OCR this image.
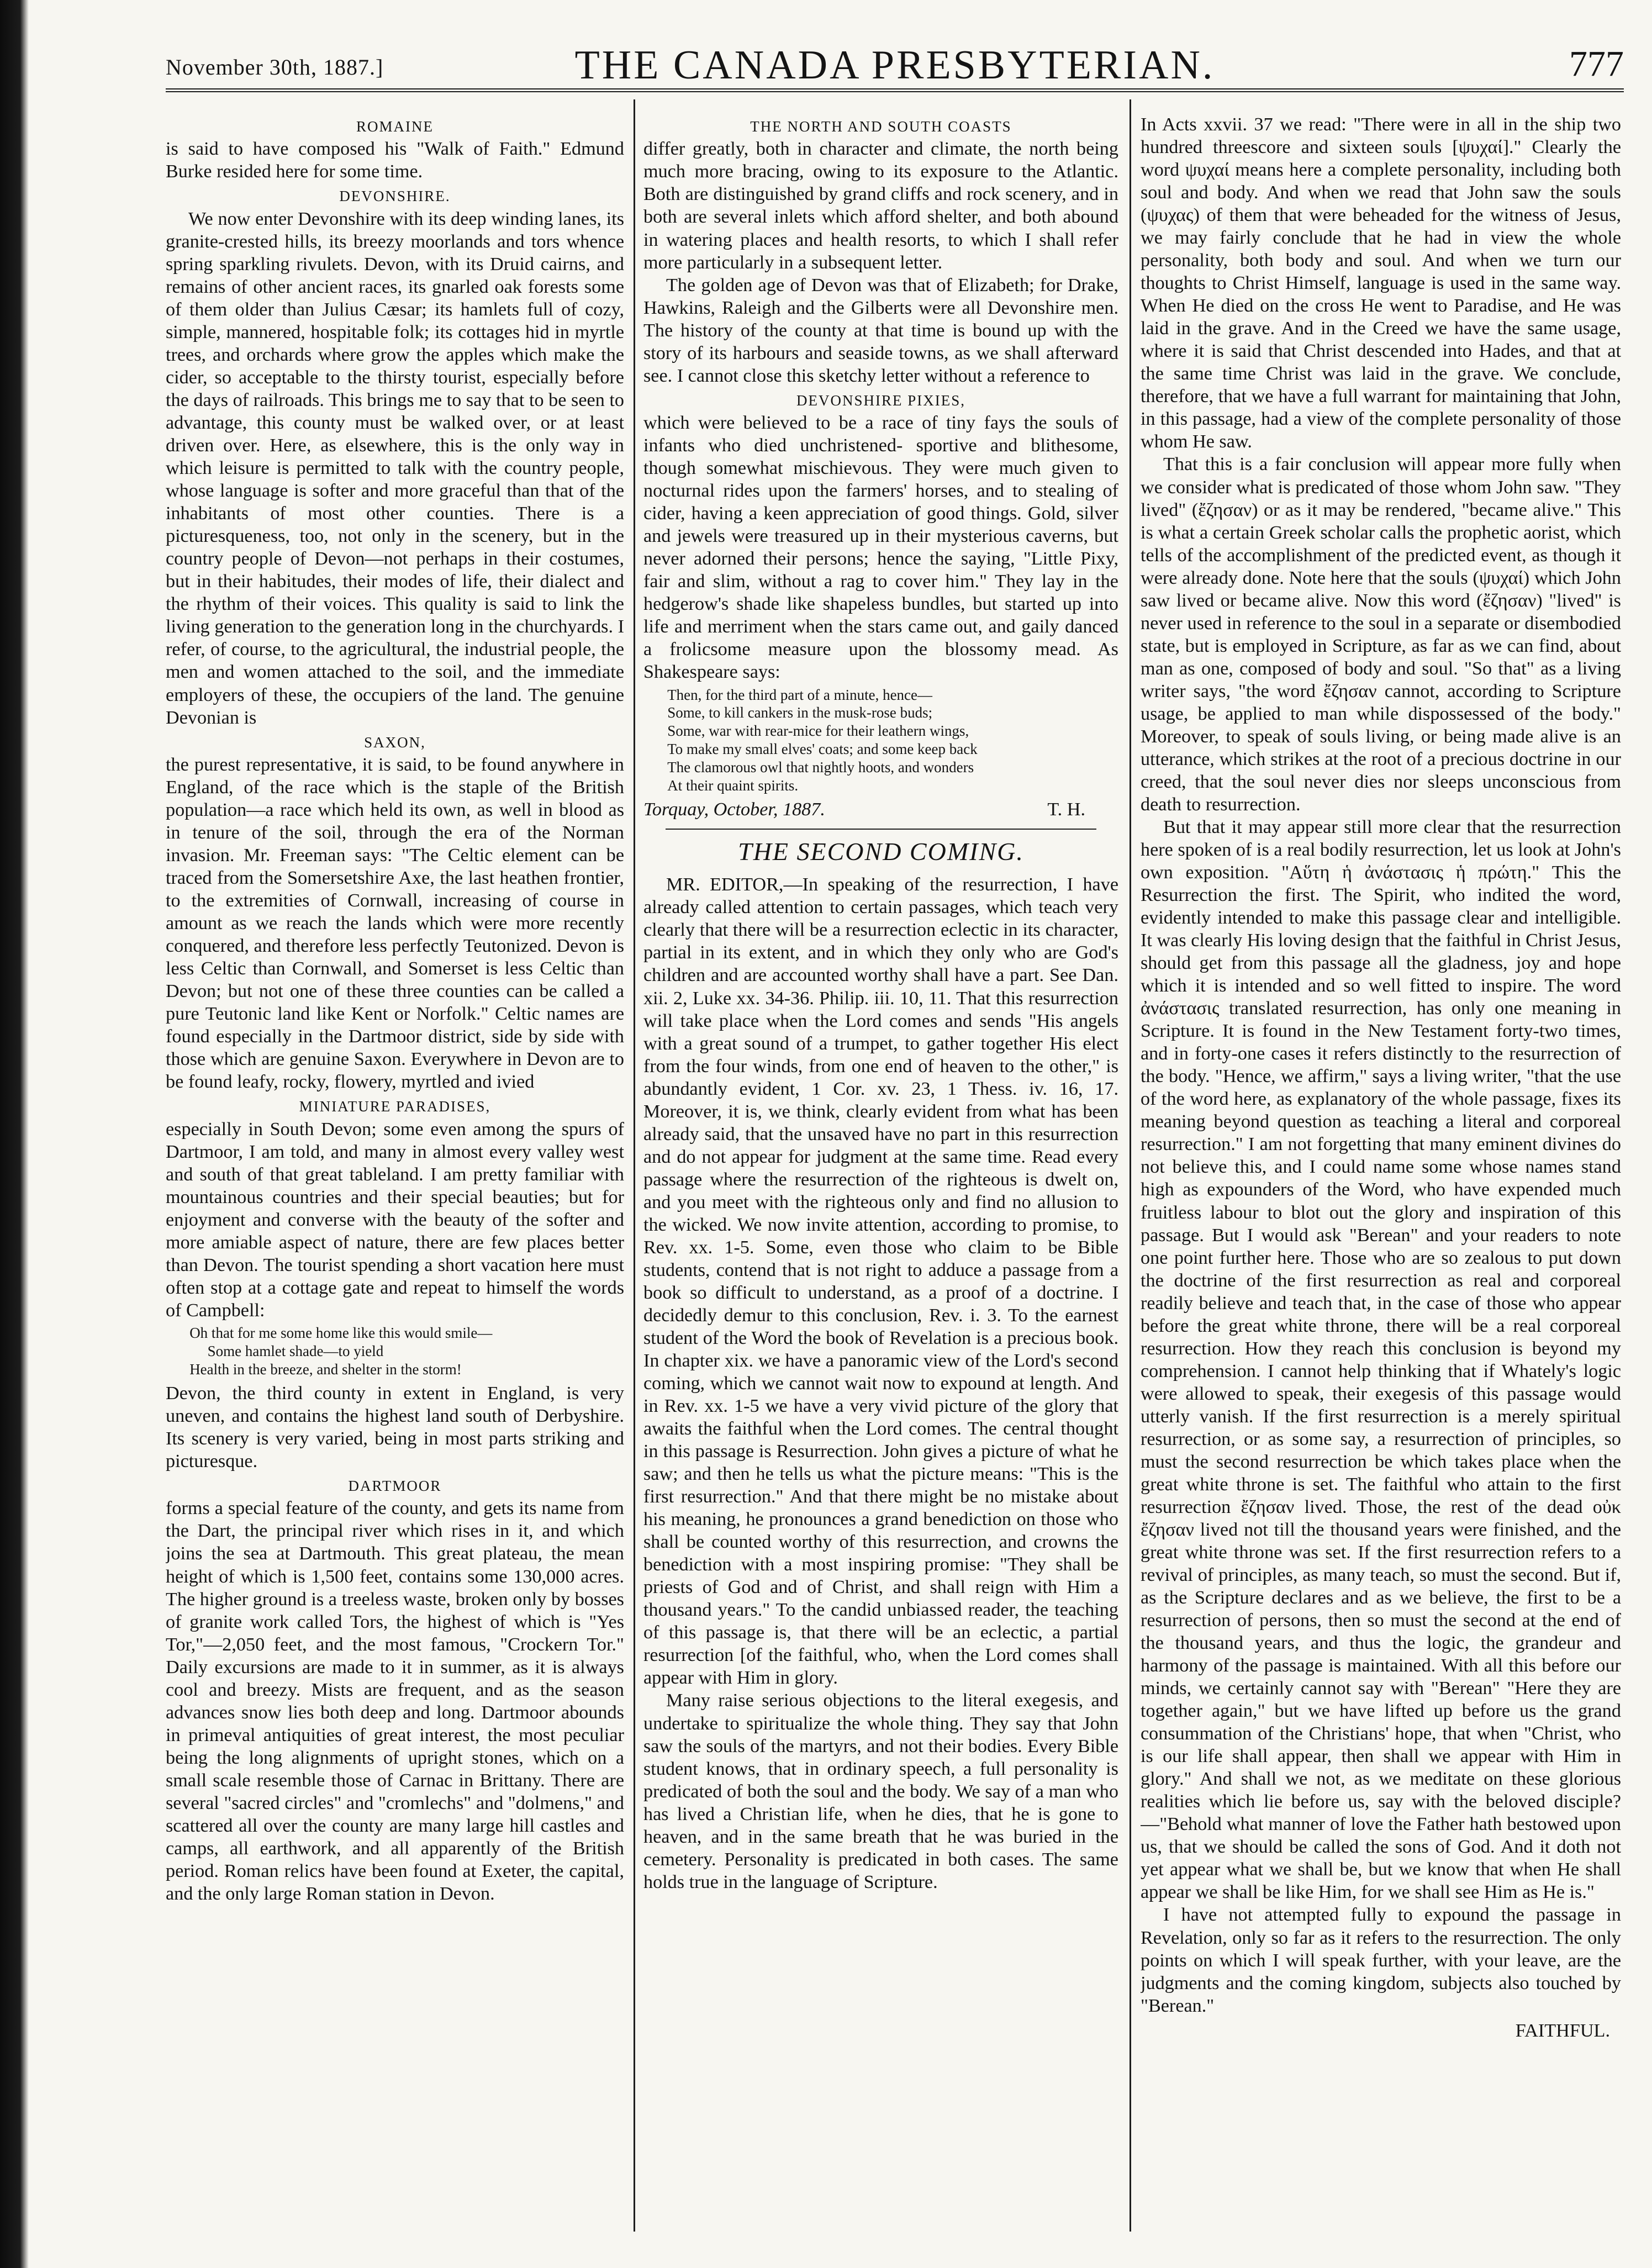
November 30th, 1887.]	THE CANADA PRESBYTERIAN.	777
ROMAINE

is said to have composed his "Walk of Faith." Edmund Burke resided here for some time.

DEVONSHIRE.

We now enter Devonshire with its deep winding lanes, its granite-crested hills, its breezy moorlands and tors whence spring sparkling rivulets. Devon, with its Druid cairns, and remains of other ancient races, its gnarled oak forests some of them older than Julius Cæsar; its hamlets full of cozy, simple, mannered, hospitable folk; its cottages hid in myrtle trees, and orchards where grow the apples which make the cider, so acceptable to the thirsty tourist, especially before the days of railroads. This brings me to say that to be seen to advantage, this county must be walked over, or at least driven over. Here, as elsewhere, this is the only way in which leisure is permitted to talk with the country people, whose language is softer and more graceful than that of the inhabitants of most other counties. There is a picturesqueness, too, not only in the scenery, but in the country people of Devon—not perhaps in their costumes, but in their habitudes, their modes of life, their dialect and the rhythm of their voices. This quality is said to link the living generation to the generation long in the churchyards. I refer, of course, to the agricultural, the industrial people, the men and women attached to the soil, and the immediate employers of these, the occupiers of the land. The genuine Devonian is

SAXON,

the purest representative, it is said, to be found anywhere in England, of the race which is the staple of the British population—a race which held its own, as well in blood as in tenure of the soil, through the era of the Norman invasion. Mr. Freeman says: "The Celtic element can be traced from the Somersetshire Axe, the last heathen frontier, to the extremities of Cornwall, increasing of course in amount as we reach the lands which were more recently conquered, and therefore less perfectly Teutonized. Devon is less Celtic than Cornwall, and Somerset is less Celtic than Devon; but not one of these three counties can be called a pure Teutonic land like Kent or Norfolk." Celtic names are found especially in the Dartmoor district, side by side with those which are genuine Saxon. Everywhere in Devon are to be found leafy, rocky, flowery, myrtled and ivied

MINIATURE PARADISES,

especially in South Devon; some even among the spurs of Dartmoor, I am told, and many in almost every valley west and south of that great tableland. I am pretty familiar with mountainous countries and their special beauties; but for enjoyment and converse with the beauty of the softer and more amiable aspect of nature, there are few places better than Devon. The tourist spending a short vacation here must often stop at a cottage gate and repeat to himself the words of Campbell:

Oh that for me some home like this would smile—
Some hamlet shade—to yield
Health in the breeze, and shelter in the storm!

Devon, the third county in extent in England, is very uneven, and contains the highest land south of Derbyshire. Its scenery is very varied, being in most parts striking and picturesque.

DARTMOOR

forms a special feature of the county, and gets its name from the Dart, the principal river which rises in it, and which joins the sea at Dartmouth. This great plateau, the mean height of which is 1,500 feet, contains some 130,000 acres. The higher ground is a treeless waste, broken only by bosses of granite work called Tors, the highest of which is "Yes Tor,"—2,050 feet, and the most famous, "Crockern Tor." Daily excursions are made to it in summer, as it is always cool and breezy. Mists are frequent, and as the season advances snow lies both deep and long. Dartmoor abounds in primeval antiquities of great interest, the most peculiar being the long alignments of upright stones, which on a small scale resemble those of Carnac in Brittany. There are several "sacred circles" and "cromlechs" and "dolmens," and scattered all over the county are many large hill castles and camps, all earthwork, and all apparently of the British period. Roman relics have been found at Exeter, the capital, and the only large Roman station in Devon.

THE NORTH AND SOUTH COASTS

differ greatly, both in character and climate, the north being much more bracing, owing to its exposure to the Atlantic. Both are distinguished by grand cliffs and rock scenery, and in both are several inlets which afford shelter, and both abound in watering places and health resorts, to which I shall refer more particularly in a subsequent letter.

The golden age of Devon was that of Elizabeth; for Drake, Hawkins, Raleigh and the Gilberts were all Devonshire men. The history of the county at that time is bound up with the story of its harbours and seaside towns, as we shall afterward see. I cannot close this sketchy letter without a reference to

DEVONSHIRE PIXIES,

which were believed to be a race of tiny fays the souls of infants who died unchristened- sportive and blithesome, though somewhat mischievous. They were much given to nocturnal rides upon the farmers' horses, and to stealing of cider, having a keen appreciation of good things. Gold, silver and jewels were treasured up in their mysterious caverns, but never adorned their persons; hence the saying, "Little Pixy, fair and slim, without a rag to cover him." They lay in the hedgerow's shade like shapeless bundles, but started up into life and merriment when the stars came out, and gaily danced a frolicsome measure upon the blossomy mead. As Shakespeare says:

Then, for the third part of a minute, hence—
Some, to kill cankers in the musk-rose buds;
Some, war with rear-mice for their leathern wings,
To make my small elves' coats; and some keep back
The clamorous owl that nightly hoots, and wonders
At their quaint spirits.
Torquay, October, 1887.	T. H.
THE SECOND COMING.

MR. EDITOR,—In speaking of the resurrection, I have already called attention to certain passages, which teach very clearly that there will be a resurrection eclectic in its character, partial in its extent, and in which they only who are God's children and are accounted worthy shall have a part. See Dan. xii. 2, Luke xx. 34-36. Philip. iii. 10, 11. That this resurrection will take place when the Lord comes and sends "His angels with a great sound of a trumpet, to gather together His elect from the four winds, from one end of heaven to the other," is abundantly evident, 1 Cor. xv. 23, 1 Thess. iv. 16, 17. Moreover, it is, we think, clearly evident from what has been already said, that the unsaved have no part in this resurrection and do not appear for judgment at the same time. Read every passage where the resurrection of the righteous is dwelt on, and you meet with the righteous only and find no allusion to the wicked. We now invite attention, according to promise, to Rev. xx. 1-5. Some, even those who claim to be Bible students, contend that is not right to adduce a passage from a book so difficult to understand, as a proof of a doctrine. I decidedly demur to this conclusion, Rev. i. 3. To the earnest student of the Word the book of Revelation is a precious book. In chapter xix. we have a panoramic view of the Lord's second coming, which we cannot wait now to expound at length. And in Rev. xx. 1-5 we have a very vivid picture of the glory that awaits the faithful when the Lord comes. The central thought in this passage is Resurrection. John gives a picture of what he saw; and then he tells us what the picture means: "This is the first resurrection." And that there might be no mistake about his meaning, he pronounces a grand benediction on those who shall be counted worthy of this resurrection, and crowns the benediction with a most inspiring promise: "They shall be priests of God and of Christ, and shall reign with Him a thousand years." To the candid unbiassed reader, the teaching of this passage is, that there will be an eclectic, a partial resurrection [of the faithful, who, when the Lord comes shall appear with Him in glory.

Many raise serious objections to the literal exegesis, and undertake to spiritualize the whole thing. They say that John saw the souls of the martyrs, and not their bodies. Every Bible student knows, that in ordinary speech, a full personality is predicated of both the soul and the body. We say of a man who has lived a Christian life, when he dies, that he is gone to heaven, and in the same breath that he was buried in the cemetery. Personality is predicated in both cases. The same holds true in the language of Scripture.

In Acts xxvii. 37 we read: "There were in all in the ship two hundred threescore and sixteen souls [ψυχαί]." Clearly the word ψυχαί means here a complete personality, including both soul and body. And when we read that John saw the souls (ψυχας) of them that were beheaded for the witness of Jesus, we may fairly conclude that he had in view the whole personality, both body and soul. And when we turn our thoughts to Christ Himself, language is used in the same way. When He died on the cross He went to Paradise, and He was laid in the grave. And in the Creed we have the same usage, where it is said that Christ descended into Hades, and that at the same time Christ was laid in the grave. We conclude, therefore, that we have a full warrant for maintaining that John, in this passage, had a view of the complete personality of those whom He saw.

That this is a fair conclusion will appear more fully when we consider what is predicated of those whom John saw. "They lived" (ἔζησαν) or as it may be rendered, "became alive." This is what a certain Greek scholar calls the prophetic aorist, which tells of the accomplishment of the predicted event, as though it were already done. Note here that the souls (ψυχαί) which John saw lived or became alive. Now this word (ἔζησαν) "lived" is never used in reference to the soul in a separate or disembodied state, but is employed in Scripture, as far as we can find, about man as one, composed of body and soul. "So that" as a living writer says, "the word ἔζησαν cannot, according to Scripture usage, be applied to man while dispossessed of the body." Moreover, to speak of souls living, or being made alive is an utterance, which strikes at the root of a precious doctrine in our creed, that the soul never dies nor sleeps unconscious from death to resurrection.

But that it may appear still more clear that the resurrection here spoken of is a real bodily resurrection, let us look at John's own exposition. "Αὕτη ἡ ἀνάστασις ἡ πρώτη." This the Resurrection the first. The Spirit, who indited the word, evidently intended to make this passage clear and intelligible. It was clearly His loving design that the faithful in Christ Jesus, should get from this passage all the gladness, joy and hope which it is intended and so well fitted to inspire. The word ἀνάστασις translated resurrection, has only one meaning in Scripture. It is found in the New Testament forty-two times, and in forty-one cases it refers distinctly to the resurrection of the body. "Hence, we affirm," says a living writer, "that the use of the word here, as explanatory of the whole passage, fixes its meaning beyond question as teaching a literal and corporeal resurrection." I am not forgetting that many eminent divines do not believe this, and I could name some whose names stand high as expounders of the Word, who have expended much fruitless labour to blot out the glory and inspiration of this passage. But I would ask "Berean" and your readers to note one point further here. Those who are so zealous to put down the doctrine of the first resurrection as real and corporeal readily believe and teach that, in the case of those who appear before the great white throne, there will be a real corporeal resurrection. How they reach this conclusion is beyond my comprehension. I cannot help thinking that if Whately's logic were allowed to speak, their exegesis of this passage would utterly vanish. If the first resurrection is a merely spiritual resurrection, or as some say, a resurrection of principles, so must the second resurrection be which takes place when the great white throne is set. The faithful who attain to the first resurrection ἔζησαν lived. Those, the rest of the dead οὐκ ἔζησαν lived not till the thousand years were finished, and the great white throne was set. If the first resurrection refers to a revival of principles, as many teach, so must the second. But if, as the Scripture declares and as we believe, the first to be a resurrection of persons, then so must the second at the end of the thousand years, and thus the logic, the grandeur and harmony of the passage is maintained. With all this before our minds, we certainly cannot say with "Berean" "Here they are together again," but we have lifted up before us the grand consummation of the Christians' hope, that when "Christ, who is our life shall appear, then shall we appear with Him in glory." And shall we not, as we meditate on these glorious realities which lie before us, say with the beloved disciple?—"Behold what manner of love the Father hath bestowed upon us, that we should be called the sons of God. And it doth not yet appear what we shall be, but we know that when He shall appear we shall be like Him, for we shall see Him as He is."

I have not attempted fully to expound the passage in Revelation, only so far as it refers to the resurrection. The only points on which I will speak further, with your leave, are the judgments and the coming kingdom, subjects also touched by "Berean."

FAITHFUL.
